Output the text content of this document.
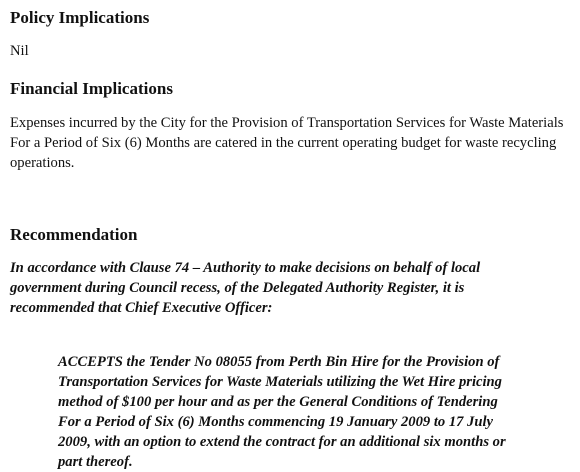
Policy Implications

Nil

Financial Implications

Expenses incurred by the City for the Provision of Transportation Services for Waste Materials For a Period of Six (6) Months are catered in the current operating budget for waste recycling operations.

Recommendation

In accordance with Clause 74 – Authority to make decisions on behalf of local
government during Council recess, of the Delegated Authority Register, it is
recommended that Chief Executive Officer:

ACCEPTS the Tender No 08055 from Perth Bin Hire for the Provision of
Transportation Services for Waste Materials utilizing the Wet Hire pricing
method of $100 per hour and as per the General Conditions of Tendering
For a Period of Six (6) Months commencing 19 January 2009 to 17 July
2009, with an option to extend the contract for an additional six months or
part thereof.
